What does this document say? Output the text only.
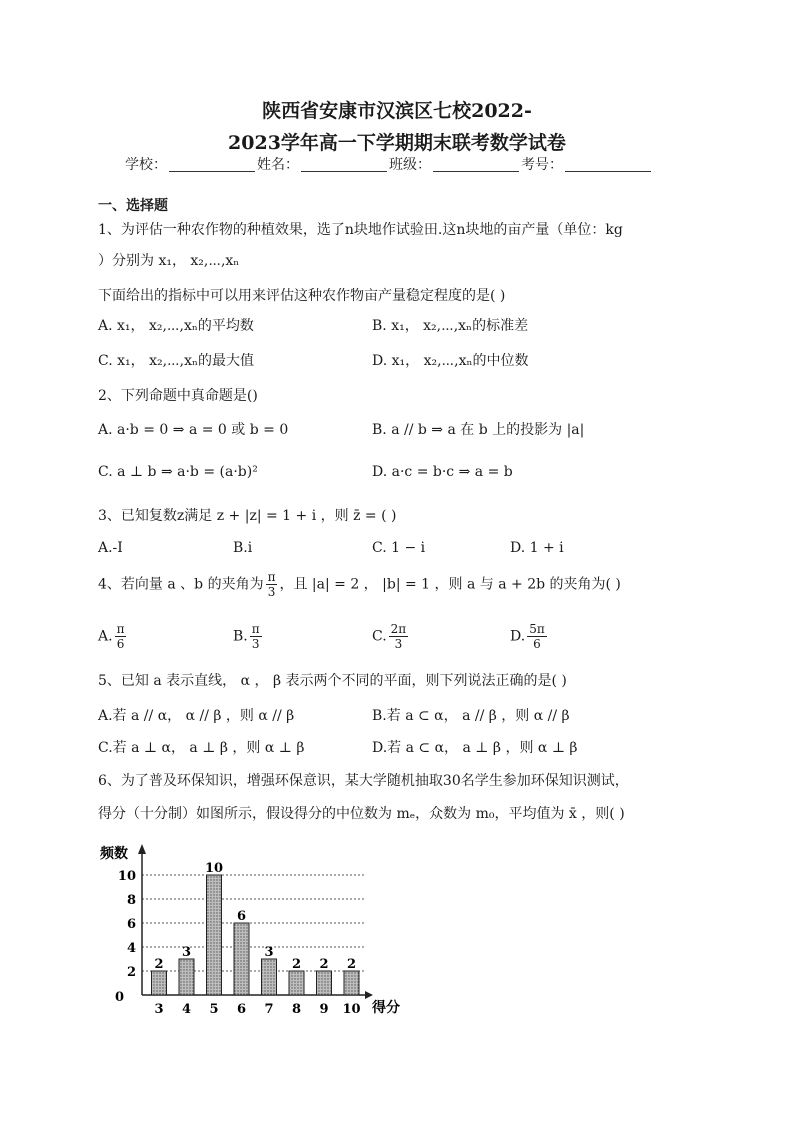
陕西省安康市汉滨区七校2022-
2023学年高一下学期期末联考数学试卷
学校：	姓名：	班级：	考号：
一、选择题
1、为评估一种农作物的种植效果，选了n块地作试验田.这n块地的亩产量（单位：kg
）分别为 x₁， x₂,⋯,xₙ
下面给出的指标中可以用来评估这种农作物亩产量稳定程度的是( )
A. x₁， x₂,⋯,xₙ的平均数	B. x₁， x₂,⋯,xₙ的标准差
C. x₁， x₂,⋯,xₙ的最大值	D. x₁， x₂,⋯,xₙ的中位数
2、下列命题中真命题是()
A. a·b = 0 ⇒ a = 0 或 b = 0	B. a // b ⇒ a 在 b 上的投影为 |a|
C. a ⊥ b ⇒ a·b = (a·b)²	D. a·c = b·c ⇒ a = b
3、已知复数z满足 z + |z| = 1 + i ，则 z̄ = ( )
A.-I	B.i	C. 1 − i	D. 1 + i
4、若向量 a 、b 的夹角为 $\frac{\pi}{3}$ ，且 |a| = 2 ， |b| = 1 ，则 a 与 a + 2b 的夹角为( )
A. $\frac{\pi}{6}$	B. $\frac{\pi}{3}$	C. $\frac{2\pi}{3}$	D. $\frac{5\pi}{6}$
5、已知 a 表示直线， α ， β 表示两个不同的平面，则下列说法正确的是( )
A.若 a // α， α // β ，则 α // β	B.若 a ⊂ α， a // β ，则 α // β
C.若 a ⊥ α， a ⊥ β ，则 α ⊥ β	D.若 a ⊂ α， a ⊥ β ，则 α ⊥ β
6、为了普及环保知识，增强环保意识，某大学随机抽取30名学生参加环保知识测试，
得分（十分制）如图所示，假设得分的中位数为 mₑ，众数为 m₀，平均值为 x̄ ，则( )
0
2
4
6
8
10
频数
得分
2
3
3
4
10
5
6
6
3
7
2
8
2
9
2
10
